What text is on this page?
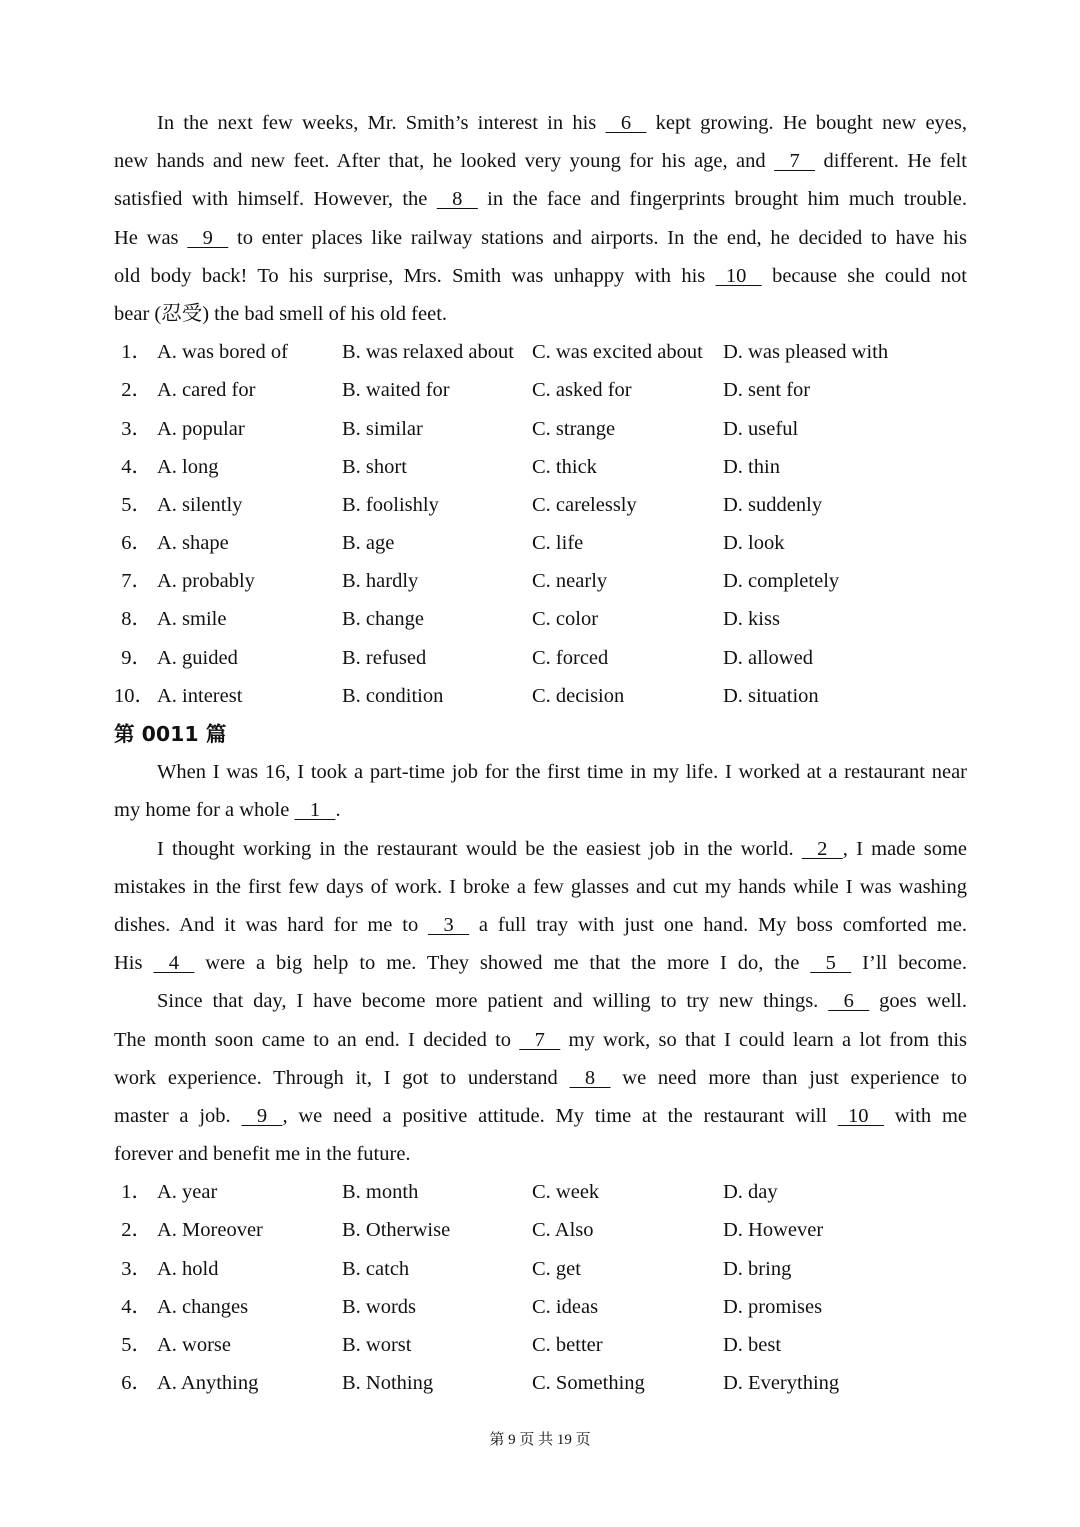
In the next few weeks, Mr. Smith’s interest in his    6    kept growing. He bought new eyes,
new hands and new feet. After that, he looked very young for his age, and    7    different. He felt
satisfied with himself. However, the    8    in the face and fingerprints brought him much trouble.
He was    9    to enter places like railway stations and airports. In the end, he decided to have his
old body back! To his surprise, Mrs. Smith was unhappy with his   10    because she could not
bear (忍受) the bad smell of his old feet.
1． A. was bored of	B. was relaxed about C. was excited about D. was pleased with
2． A. cared for	B. waited for	C. asked for	D. sent for
3． A. popular	B. similar	C. strange	D. useful
4． A. long	B. short	C. thick	D. thin
5． A. silently	B. foolishly	C. carelessly	D. suddenly
6． A. shape	B. age	C. life	D. look
7． A. probably	B. hardly	C. nearly	D. completely
8． A. smile	B. change	C. color	D. kiss
9． A. guided	B. refused	C. forced	D. allowed
10． A. interest	B. condition	C. decision	D. situation
第 0011 篇
When I was 16, I took a part-time job for the first time in my life. I worked at a restaurant near
my home for a whole    1   .
I thought working in the restaurant would be the easiest job in the world.    2   , I made some
mistakes in the first few days of work. I broke a few glasses and cut my hands while I was washing
dishes. And it was hard for me to    3    a full tray with just one hand. My boss comforted me.
His    4    were a big help to me. They showed me that the more I do, the    5    I’ll become.
Since that day, I have become more patient and willing to try new things.    6    goes well.
The month soon came to an end. I decided to    7    my work, so that I could learn a lot from this
work experience. Through it, I got to understand    8    we need more than just experience to
master a job.    9   , we need a positive attitude. My time at the restaurant will   10    with me
forever and benefit me in the future.
1． A. year	B. month	C. week	D. day
2． A. Moreover	B. Otherwise	C. Also	D. However
3． A. hold	B. catch	C. get	D. bring
4． A. changes	B. words	C. ideas	D. promises
5． A. worse	B. worst	C. better	D. best
6． A. Anything	B. Nothing	C. Something	D. Everything
第 9 页 共 19 页
